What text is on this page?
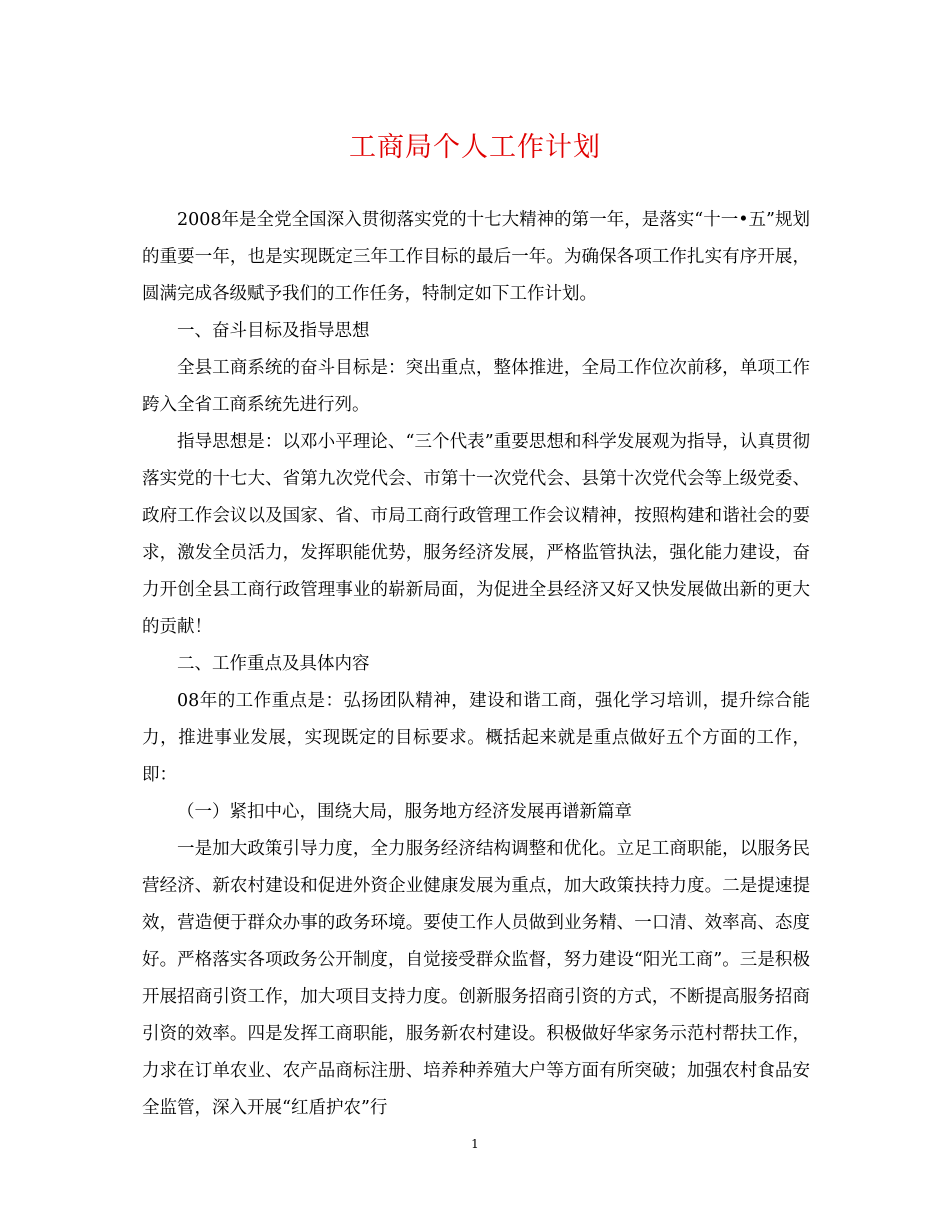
工商局个人工作计划

2008年是全党全国深入贯彻落实党的十七大精神的第一年，是落实“十一•五”规划的重要一年，也是实现既定三年工作目标的最后一年。为确保各项工作扎实有序开展，圆满完成各级赋予我们的工作任务，特制定如下工作计划。

一、奋斗目标及指导思想

全县工商系统的奋斗目标是：突出重点，整体推进，全局工作位次前移，单项工作跨入全省工商系统先进行列。

指导思想是：以邓小平理论、“三个代表”重要思想和科学发展观为指导，认真贯彻落实党的十七大、省第九次党代会、市第十一次党代会、县第十次党代会等上级党委、政府工作会议以及国家、省、市局工商行政管理工作会议精神，按照构建和谐社会的要求，激发全员活力，发挥职能优势，服务经济发展，严格监管执法，强化能力建设，奋力开创全县工商行政管理事业的崭新局面，为促进全县经济又好又快发展做出新的更大的贡献！

二、工作重点及具体内容

08年的工作重点是：弘扬团队精神，建设和谐工商，强化学习培训，提升综合能力，推进事业发展，实现既定的目标要求。概括起来就是重点做好五个方面的工作，即：

（一）紧扣中心，围绕大局，服务地方经济发展再谱新篇章

一是加大政策引导力度，全力服务经济结构调整和优化。立足工商职能，以服务民营经济、新农村建设和促进外资企业健康发展为重点，加大政策扶持力度。二是提速提效，营造便于群众办事的政务环境。要使工作人员做到业务精、一口清、效率高、态度好。严格落实各项政务公开制度，自觉接受群众监督，努力建设“阳光工商”。三是积极开展招商引资工作，加大项目支持力度。创新服务招商引资的方式，不断提高服务招商引资的效率。四是发挥工商职能，服务新农村建设。积极做好华家务示范村帮扶工作，力求在订单农业、农产品商标注册、培养种养殖大户等方面有所突破；加强农村食品安全监管，深入开展“红盾护农”行

1
